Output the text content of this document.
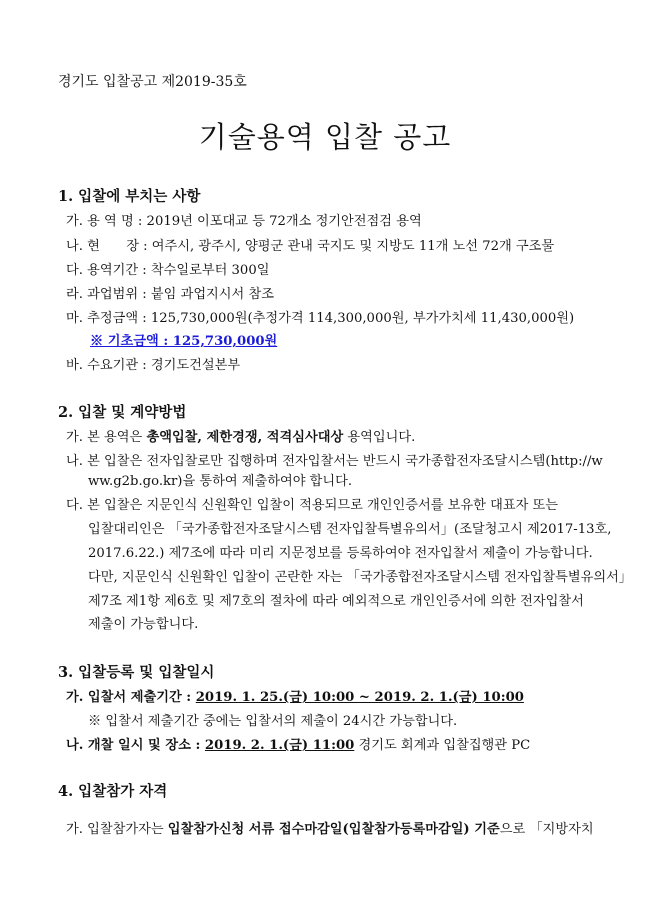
경기도 입찰공고 제2019-35호
기술용역 입찰 공고
1. 입찰에 부치는 사항
가. 용 역 명 : 2019년 이포대교 등 72개소 정기안전점검 용역
나. 현　　장 : 여주시, 광주시, 양평군 관내 국지도 및 지방도 11개 노선 72개 구조물
다. 용역기간 : 착수일로부터 300일
라. 과업범위 : 붙임 과업지시서 참조
마. 추정금액 : 125,730,000원(추정가격 114,300,000원, 부가가치세 11,430,000원)
※ 기초금액 : 125,730,000원
바. 수요기관 : 경기도건설본부
2. 입찰 및 계약방법
가. 본 용역은 총액입찰, 제한경쟁, 적격심사대상 용역입니다.
나. 본 입찰은 전자입찰로만 집행하며 전자입찰서는 반드시 국가종합전자조달시스템(http://w
ww.g2b.go.kr)을 통하여 제출하여야 합니다.
다. 본 입찰은 지문인식 신원확인 입찰이 적용되므로 개인인증서를 보유한 대표자 또는
입찰대리인은 「국가종합전자조달시스템 전자입찰특별유의서」(조달청고시 제2017-13호,
2017.6.22.) 제7조에 따라 미리 지문정보를 등록하여야 전자입찰서 제출이 가능합니다.
다만, 지문인식 신원확인 입찰이 곤란한 자는 「국가종합전자조달시스템 전자입찰특별유의서」
제7조 제1항 제6호 및 제7호의 절차에 따라 예외적으로 개인인증서에 의한 전자입찰서
제출이 가능합니다.
3. 입찰등록 및 입찰일시
가. 입찰서 제출기간 : 2019. 1. 25.(금) 10:00 ~ 2019. 2. 1.(금) 10:00
※ 입찰서 제출기간 중에는 입찰서의 제출이 24시간 가능합니다.
나. 개찰 일시 및 장소 : 2019. 2. 1.(금) 11:00 경기도 회계과 입찰집행관 PC
4. 입찰참가 자격
가. 입찰참가자는 입찰참가신청 서류 접수마감일(입찰참가등록마감일) 기준으로 「지방자치
